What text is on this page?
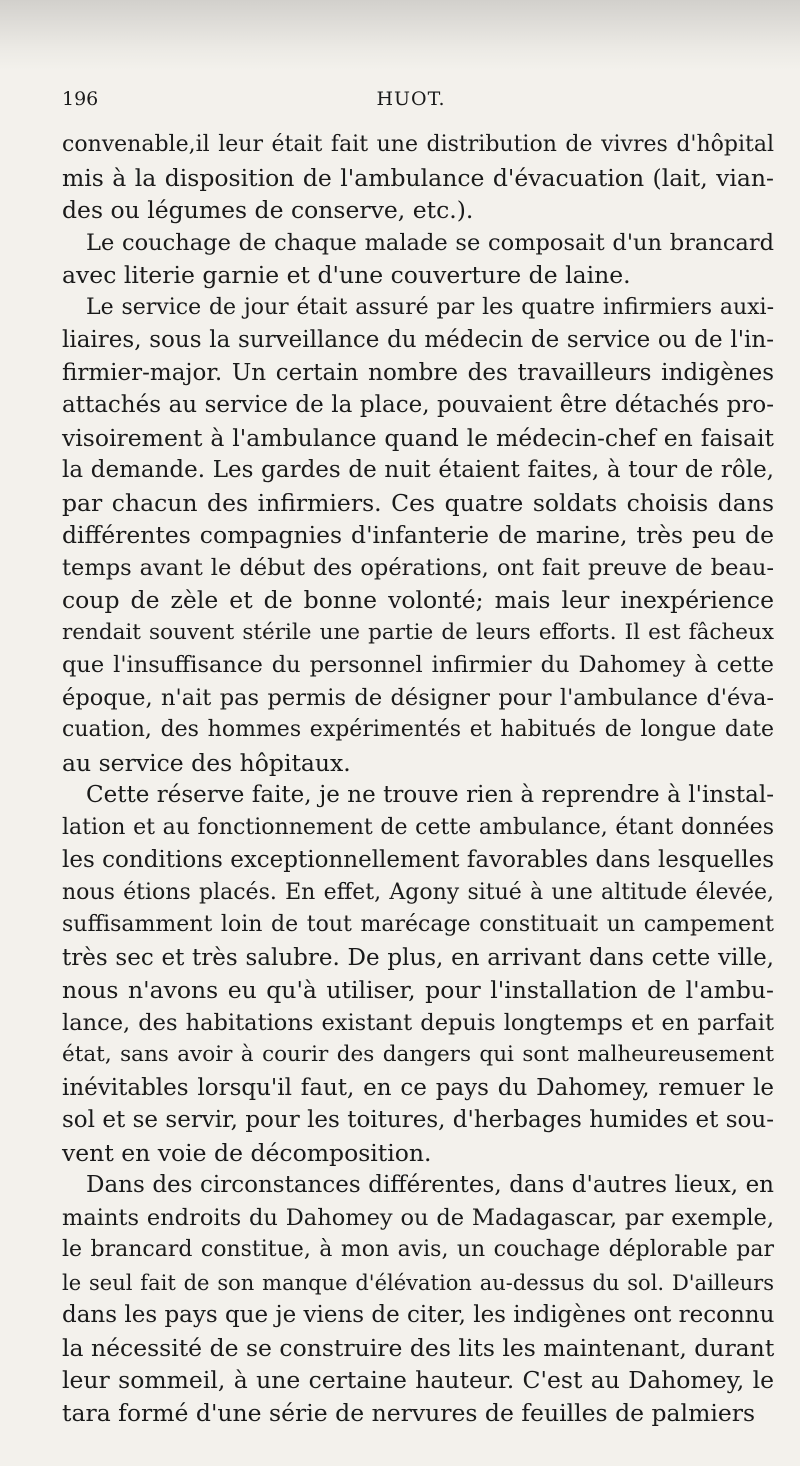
196	HUOT.
convenable,il leur était fait une distribution de vivres d'hôpital
mis à la disposition de l'ambulance d'évacuation (lait, vian-
des ou légumes de conserve, etc.).
Le couchage de chaque malade se composait d'un brancard
avec literie garnie et d'une couverture de laine.
Le service de jour était assuré par les quatre infirmiers auxi-
liaires, sous la surveillance du médecin de service ou de l'in-
firmier-major. Un certain nombre des travailleurs indigènes
attachés au service de la place, pouvaient être détachés pro-
visoirement à l'ambulance quand le médecin-chef en faisait
la demande. Les gardes de nuit étaient faites, à tour de rôle,
par chacun des infirmiers. Ces quatre soldats choisis dans
différentes compagnies d'infanterie de marine, très peu de
temps avant le début des opérations, ont fait preuve de beau-
coup de zèle et de bonne volonté; mais leur inexpérience
rendait souvent stérile une partie de leurs efforts. Il est fâcheux
que l'insuffisance du personnel infirmier du Dahomey à cette
époque, n'ait pas permis de désigner pour l'ambulance d'éva-
cuation, des hommes expérimentés et habitués de longue date
au service des hôpitaux.
Cette réserve faite, je ne trouve rien à reprendre à l'instal-
lation et au fonctionnement de cette ambulance, étant données
les conditions exceptionnellement favorables dans lesquelles
nous étions placés. En effet, Agony situé à une altitude élevée,
suffisamment loin de tout marécage constituait un campement
très sec et très salubre. De plus, en arrivant dans cette ville,
nous n'avons eu qu'à utiliser, pour l'installation de l'ambu-
lance, des habitations existant depuis longtemps et en parfait
état, sans avoir à courir des dangers qui sont malheureusement
inévitables lorsqu'il faut, en ce pays du Dahomey, remuer le
sol et se servir, pour les toitures, d'herbages humides et sou-
vent en voie de décomposition.
Dans des circonstances différentes, dans d'autres lieux, en
maints endroits du Dahomey ou de Madagascar, par exemple,
le brancard constitue, à mon avis, un couchage déplorable par
le seul fait de son manque d'élévation au-dessus du sol. D'ailleurs
dans les pays que je viens de citer, les indigènes ont reconnu
la nécessité de se construire des lits les maintenant, durant
leur sommeil, à une certaine hauteur. C'est au Dahomey, le
tara formé d'une série de nervures de feuilles de palmiers
